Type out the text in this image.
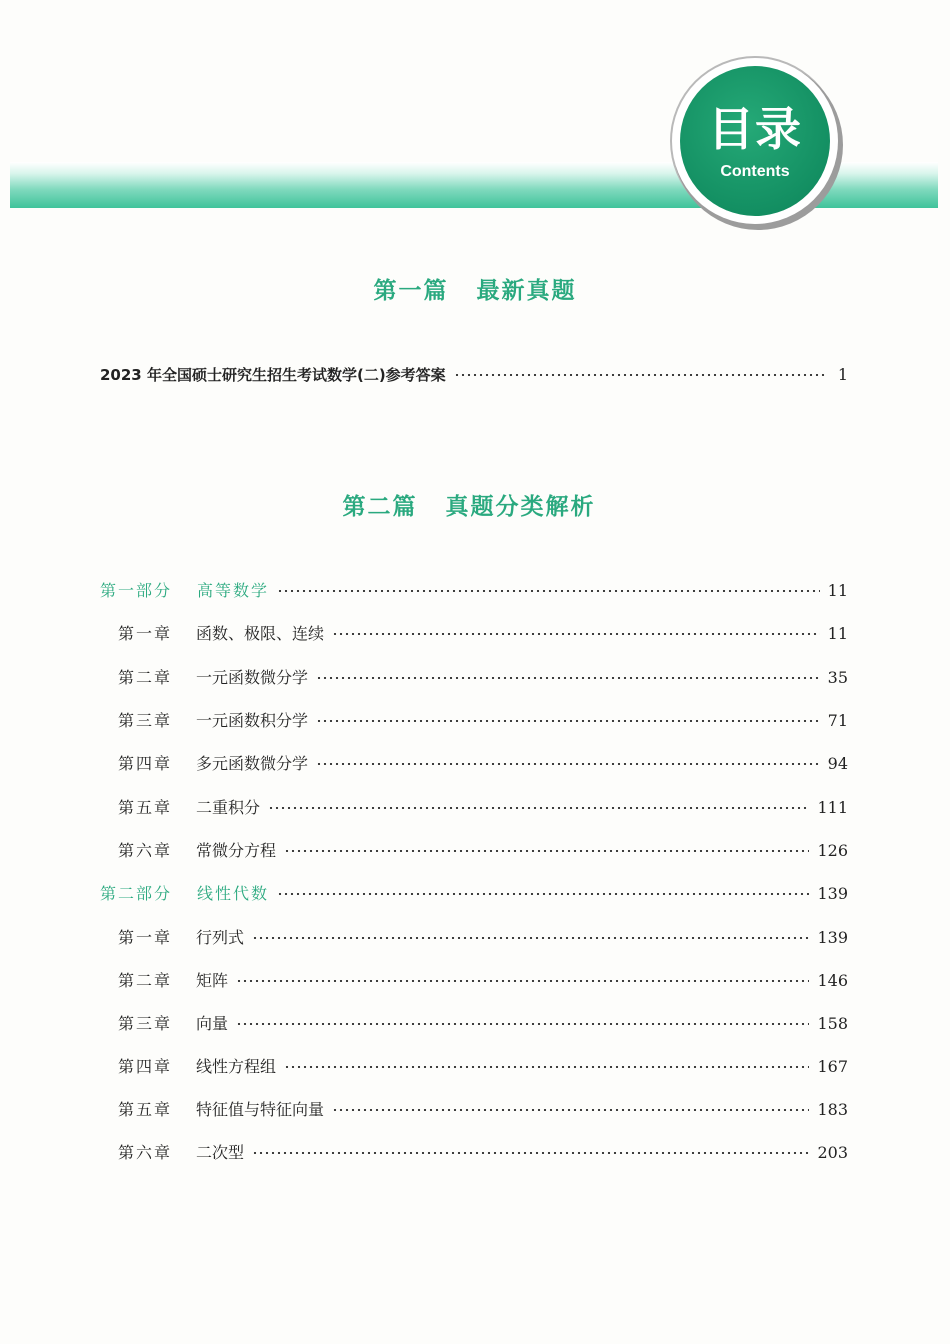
目录
Contents
第一篇 最新真题
2023 年全国硕士研究生招生考试数学(二)参考答案	1
第二篇 真题分类解析
第一部分	高等数学	11
第一章	函数、极限、连续	11
第二章	一元函数微分学	35
第三章	一元函数积分学	71
第四章	多元函数微分学	94
第五章	二重积分	111
第六章	常微分方程	126
第二部分	线性代数	139
第一章	行列式	139
第二章	矩阵	146
第三章	向量	158
第四章	线性方程组	167
第五章	特征值与特征向量	183
第六章	二次型	203
